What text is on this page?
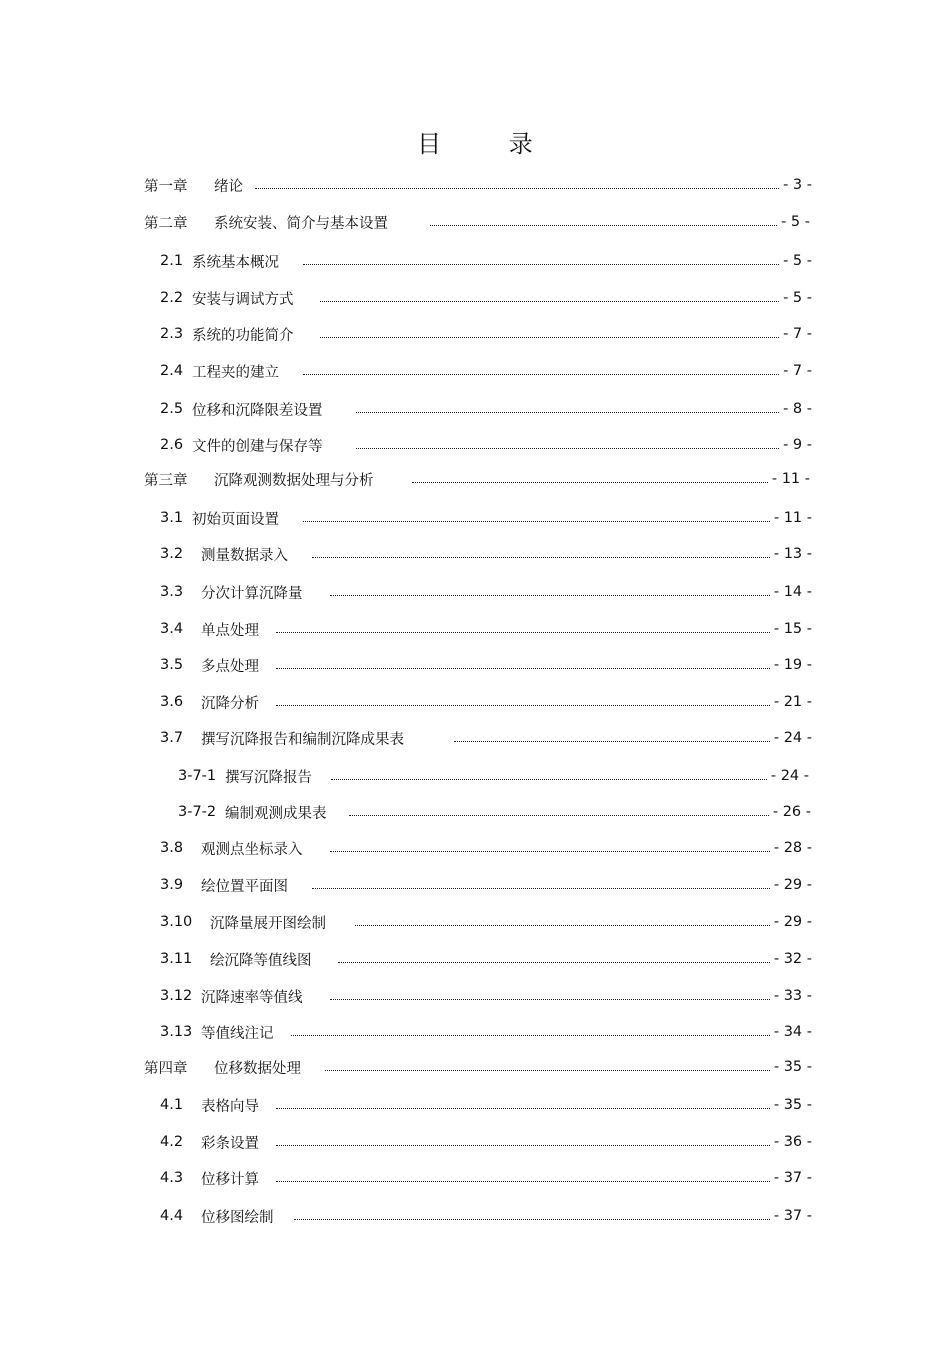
目 录
第一章	绪论	- 3 -
第二章	系统安装、简介与基本设置	- 5 -
2.1 系统基本概况	- 5 -
2.2 安装与调试方式	- 5 -
2.3 系统的功能简介	- 7 -
2.4 工程夹的建立	- 7 -
2.5 位移和沉降限差设置	- 8 -
2.6 文件的创建与保存等	- 9 -
第三章	沉降观测数据处理与分析	- 11 -
3.1 初始页面设置	- 11 -
3.2	测量数据录入	- 13 -
3.3	分次计算沉降量	- 14 -
3.4	单点处理	- 15 -
3.5	多点处理	- 19 -
3.6	沉降分析	- 21 -
3.7	撰写沉降报告和编制沉降成果表	- 24 -
3-7-1 撰写沉降报告	- 24 -
3-7-2 编制观测成果表	- 26 -
3.8	观测点坐标录入	- 28 -
3.9	绘位置平面图	- 29 -
3.10	沉降量展开图绘制	- 29 -
3.11	绘沉降等值线图	- 32 -
3.12 沉降速率等值线	- 33 -
3.13 等值线注记	- 34 -
第四章	位移数据处理	- 35 -
4.1	表格向导	- 35 -
4.2	彩条设置	- 36 -
4.3	位移计算	- 37 -
4.4	位移图绘制	- 37 -
